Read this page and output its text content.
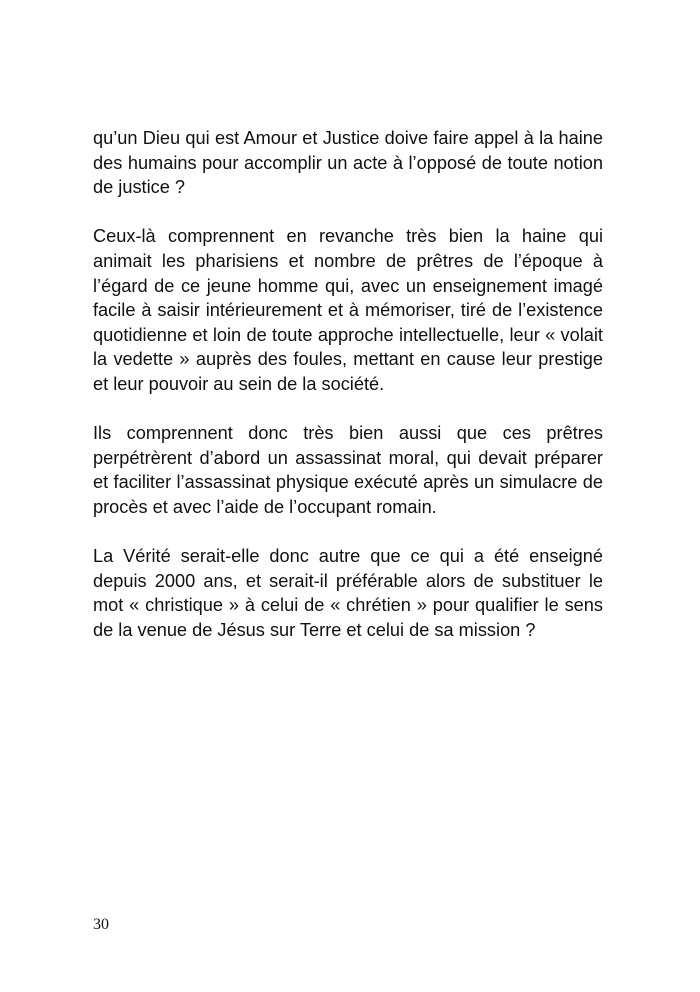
qu’un Dieu qui est Amour et Justice doive faire appel à la haine des humains pour accomplir un acte à l’opposé de toute notion de justice ?

Ceux-là comprennent en revanche très bien la haine qui animait les pharisiens et nombre de prêtres de l’époque à l’égard de ce jeune homme qui, avec un enseignement imagé facile à saisir intérieurement et à mémoriser, tiré de l’existence quotidienne et loin de toute approche intellectuelle, leur « volait la vedette » auprès des foules, mettant en cause leur prestige et leur pouvoir au sein de la société.

Ils comprennent donc très bien aussi que ces prêtres perpétrèrent d’abord un assassinat moral, qui devait préparer et faciliter l’assassinat physique exécuté après un simulacre de procès et avec l’aide de l’occupant romain.

La Vérité serait-elle donc autre que ce qui a été enseigné depuis 2000 ans, et serait-il préférable alors de substituer le mot « christique » à celui de « chrétien » pour qualifier le sens de la venue de Jésus sur Terre et celui de sa mission ?

30
